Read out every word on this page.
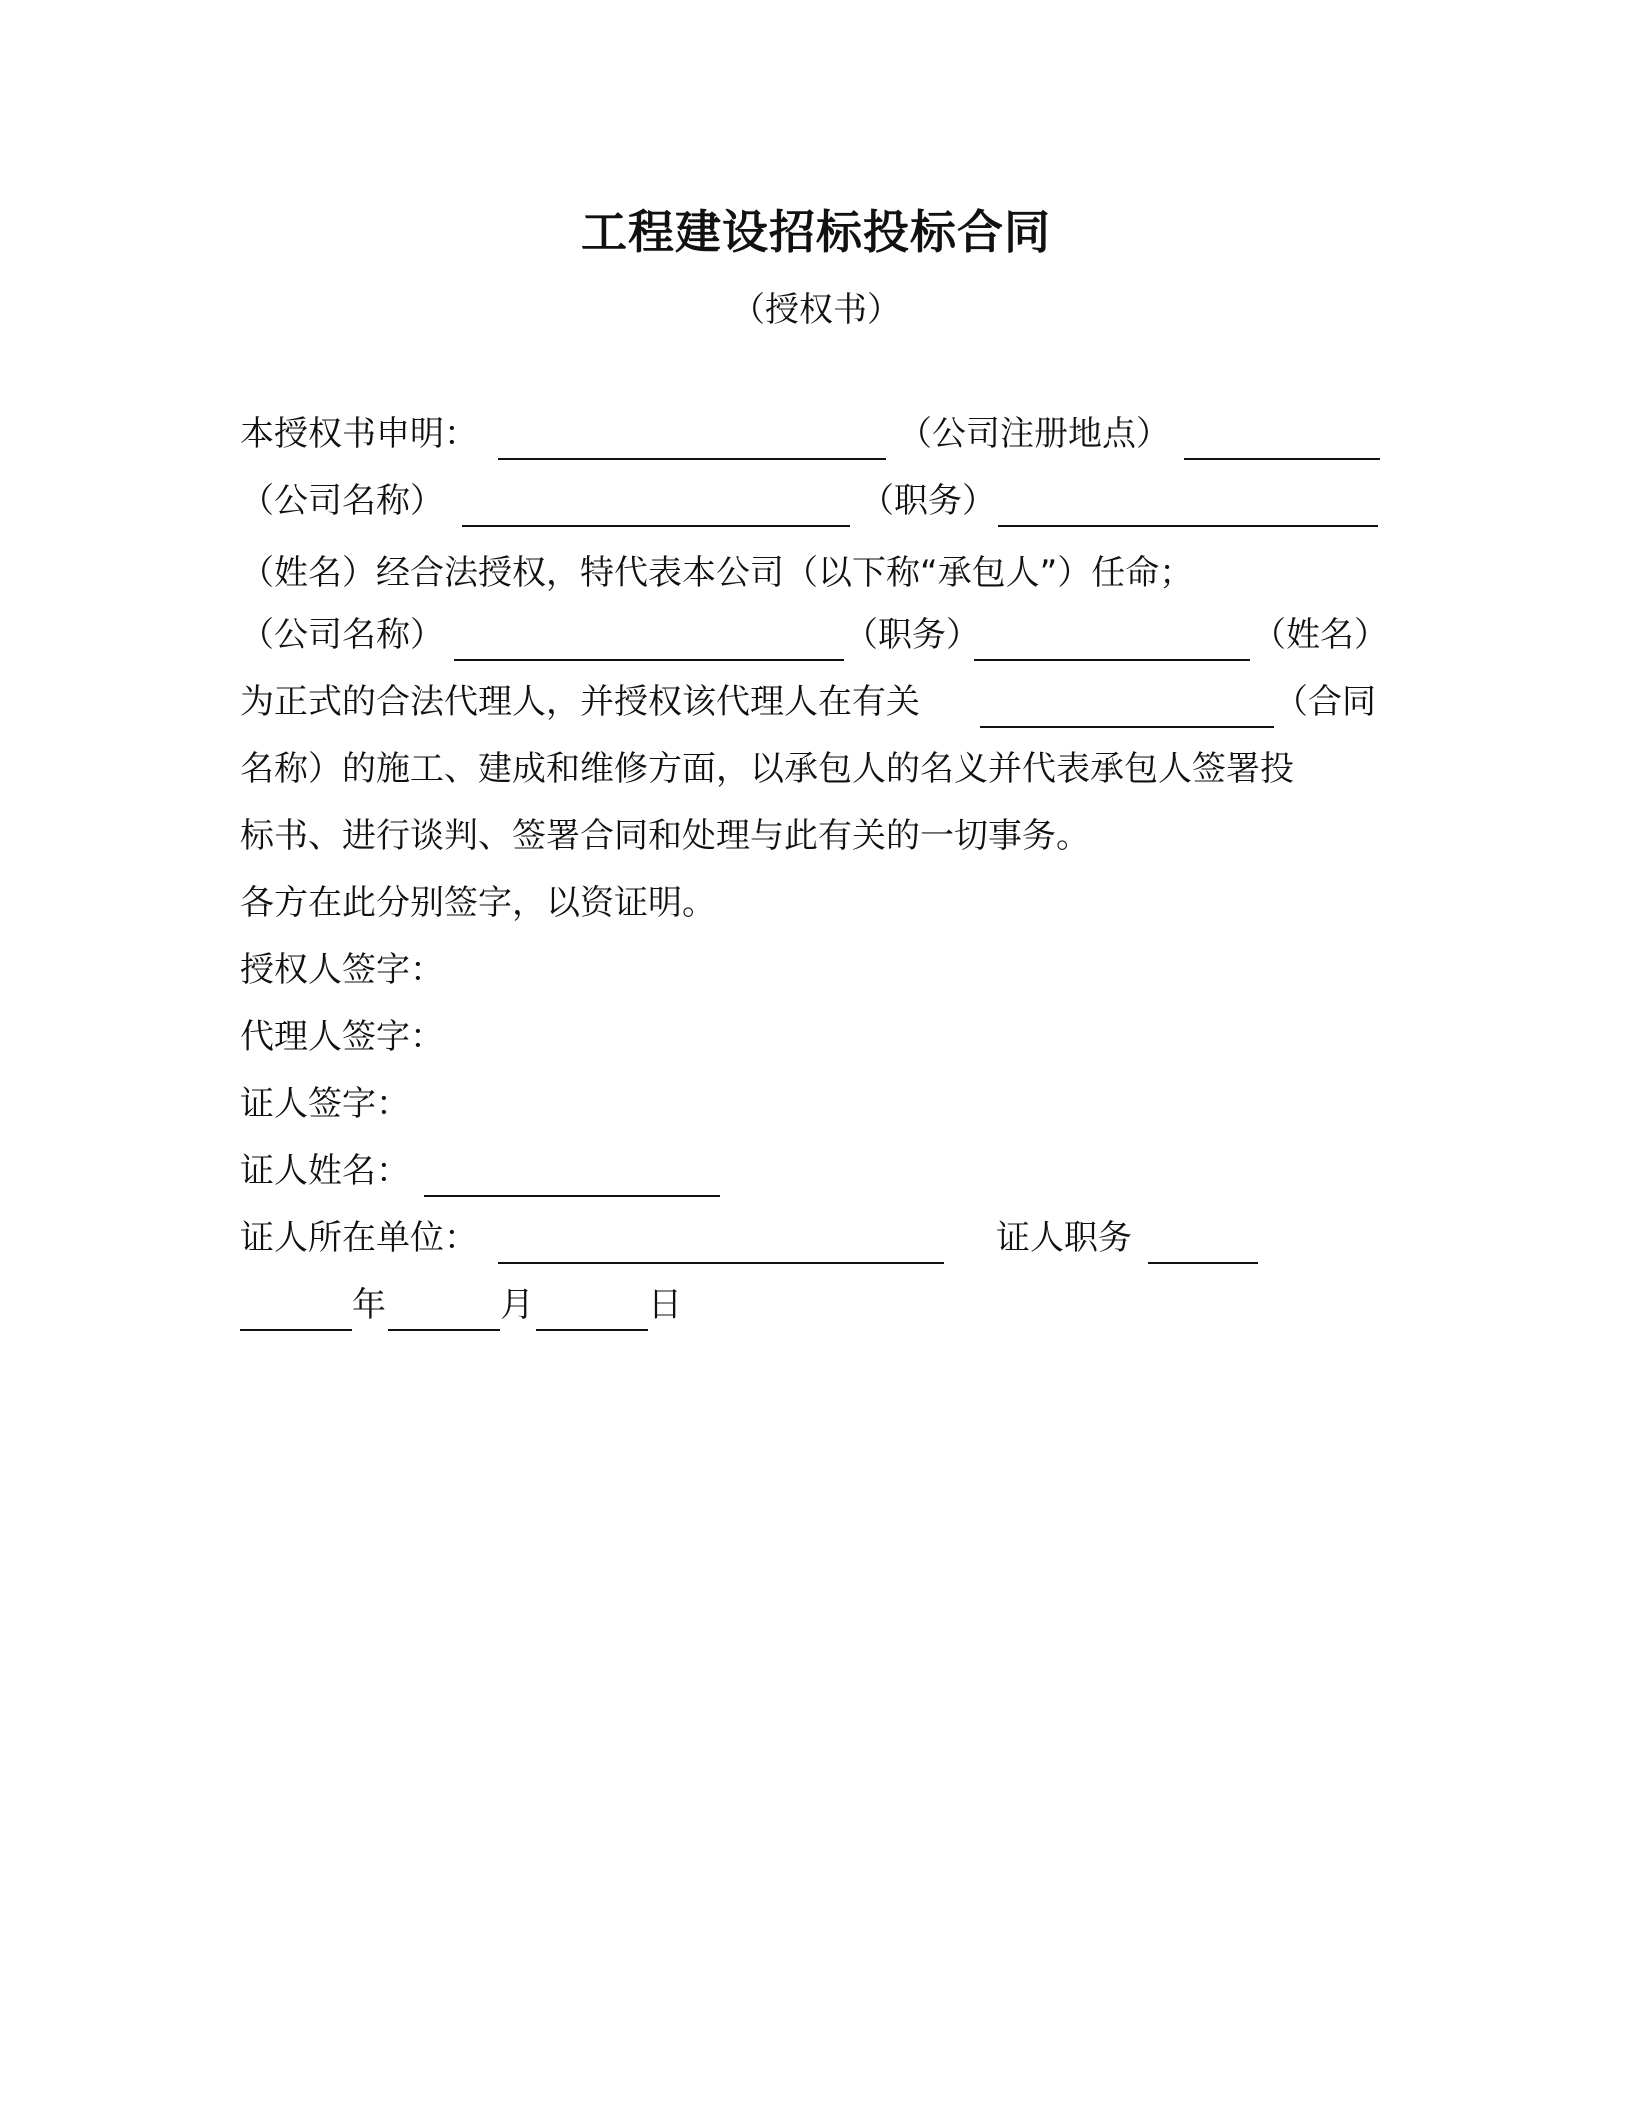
工程建设招标投标合同
（授权书）
本授权书申明：	（公司注册地点）
（公司名称）	（职务）
（姓名）经合法授权，特代表本公司（以下称“承包人”）任命；
（公司名称）	（职务）	（姓名）
为正式的合法代理人，并授权该代理人在有关	（合同
名称）的施工、建成和维修方面，以承包人的名义并代表承包人签署投
标书、进行谈判、签署合同和处理与此有关的一切事务。
各方在此分别签字，以资证明。
授权人签字：
代理人签字：
证人签字：
证人姓名：
证人所在单位：	证人职务
年	月	日
